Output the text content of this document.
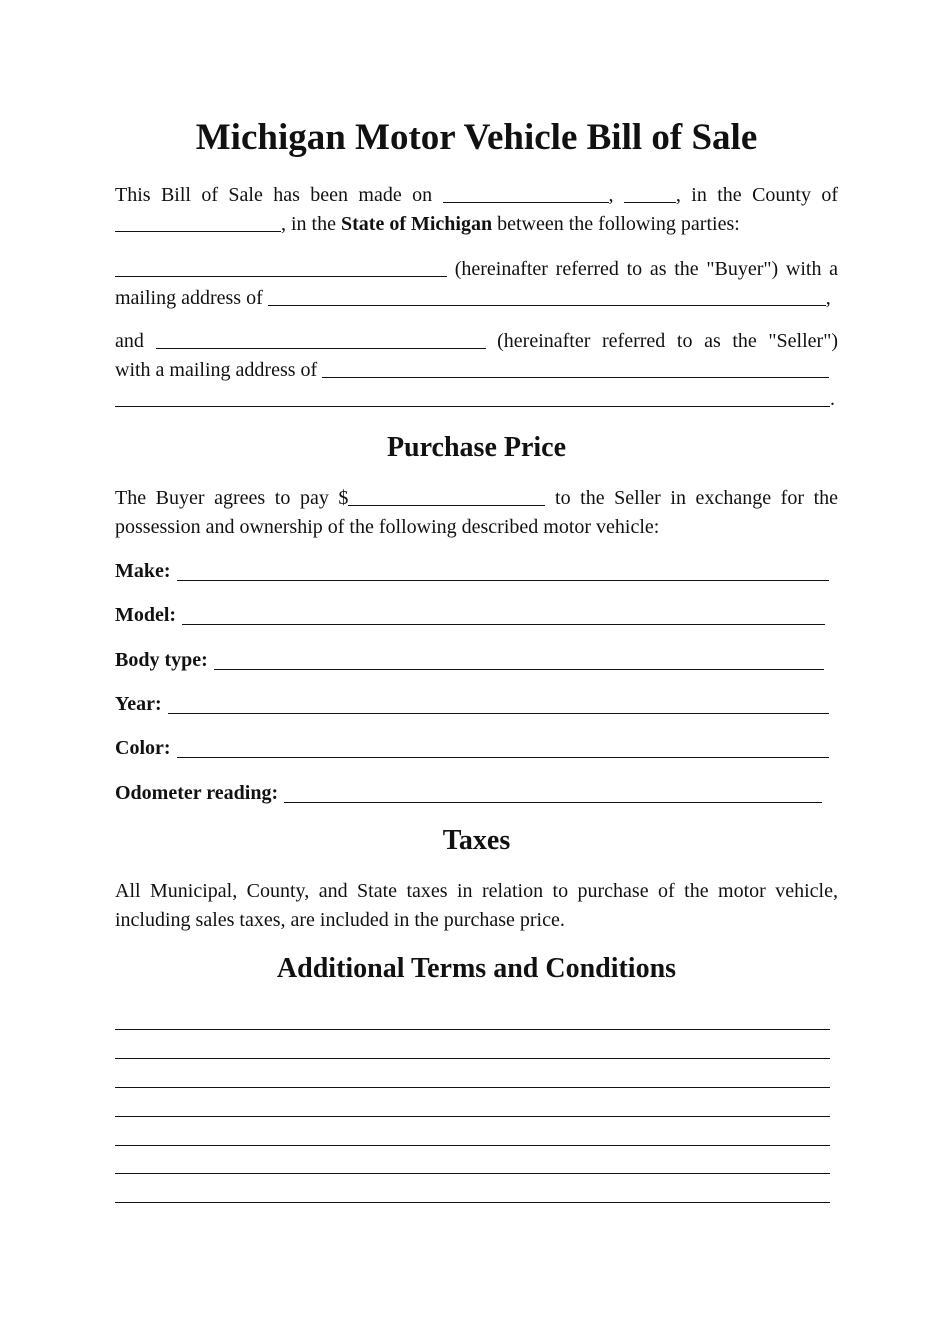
Michigan Motor Vehicle Bill of Sale

This Bill of Sale has been made on	,	, in the County of , in the State of Michigan between the following parties:

(hereinafter referred to as the "Buyer") with a mailing address of	,

and	(hereinafter referred to as the "Seller")

with a mailing address of

.

Purchase Price

The Buyer agrees to pay $	to the Seller in exchange for the

possession and ownership of the following described motor vehicle:

Make:
Model:
Body type:
Year:
Color:
Odometer reading:
Taxes

All Municipal, County, and State taxes in relation to purchase of the motor vehicle, including sales taxes, are included in the purchase price.

Additional Terms and Conditions
